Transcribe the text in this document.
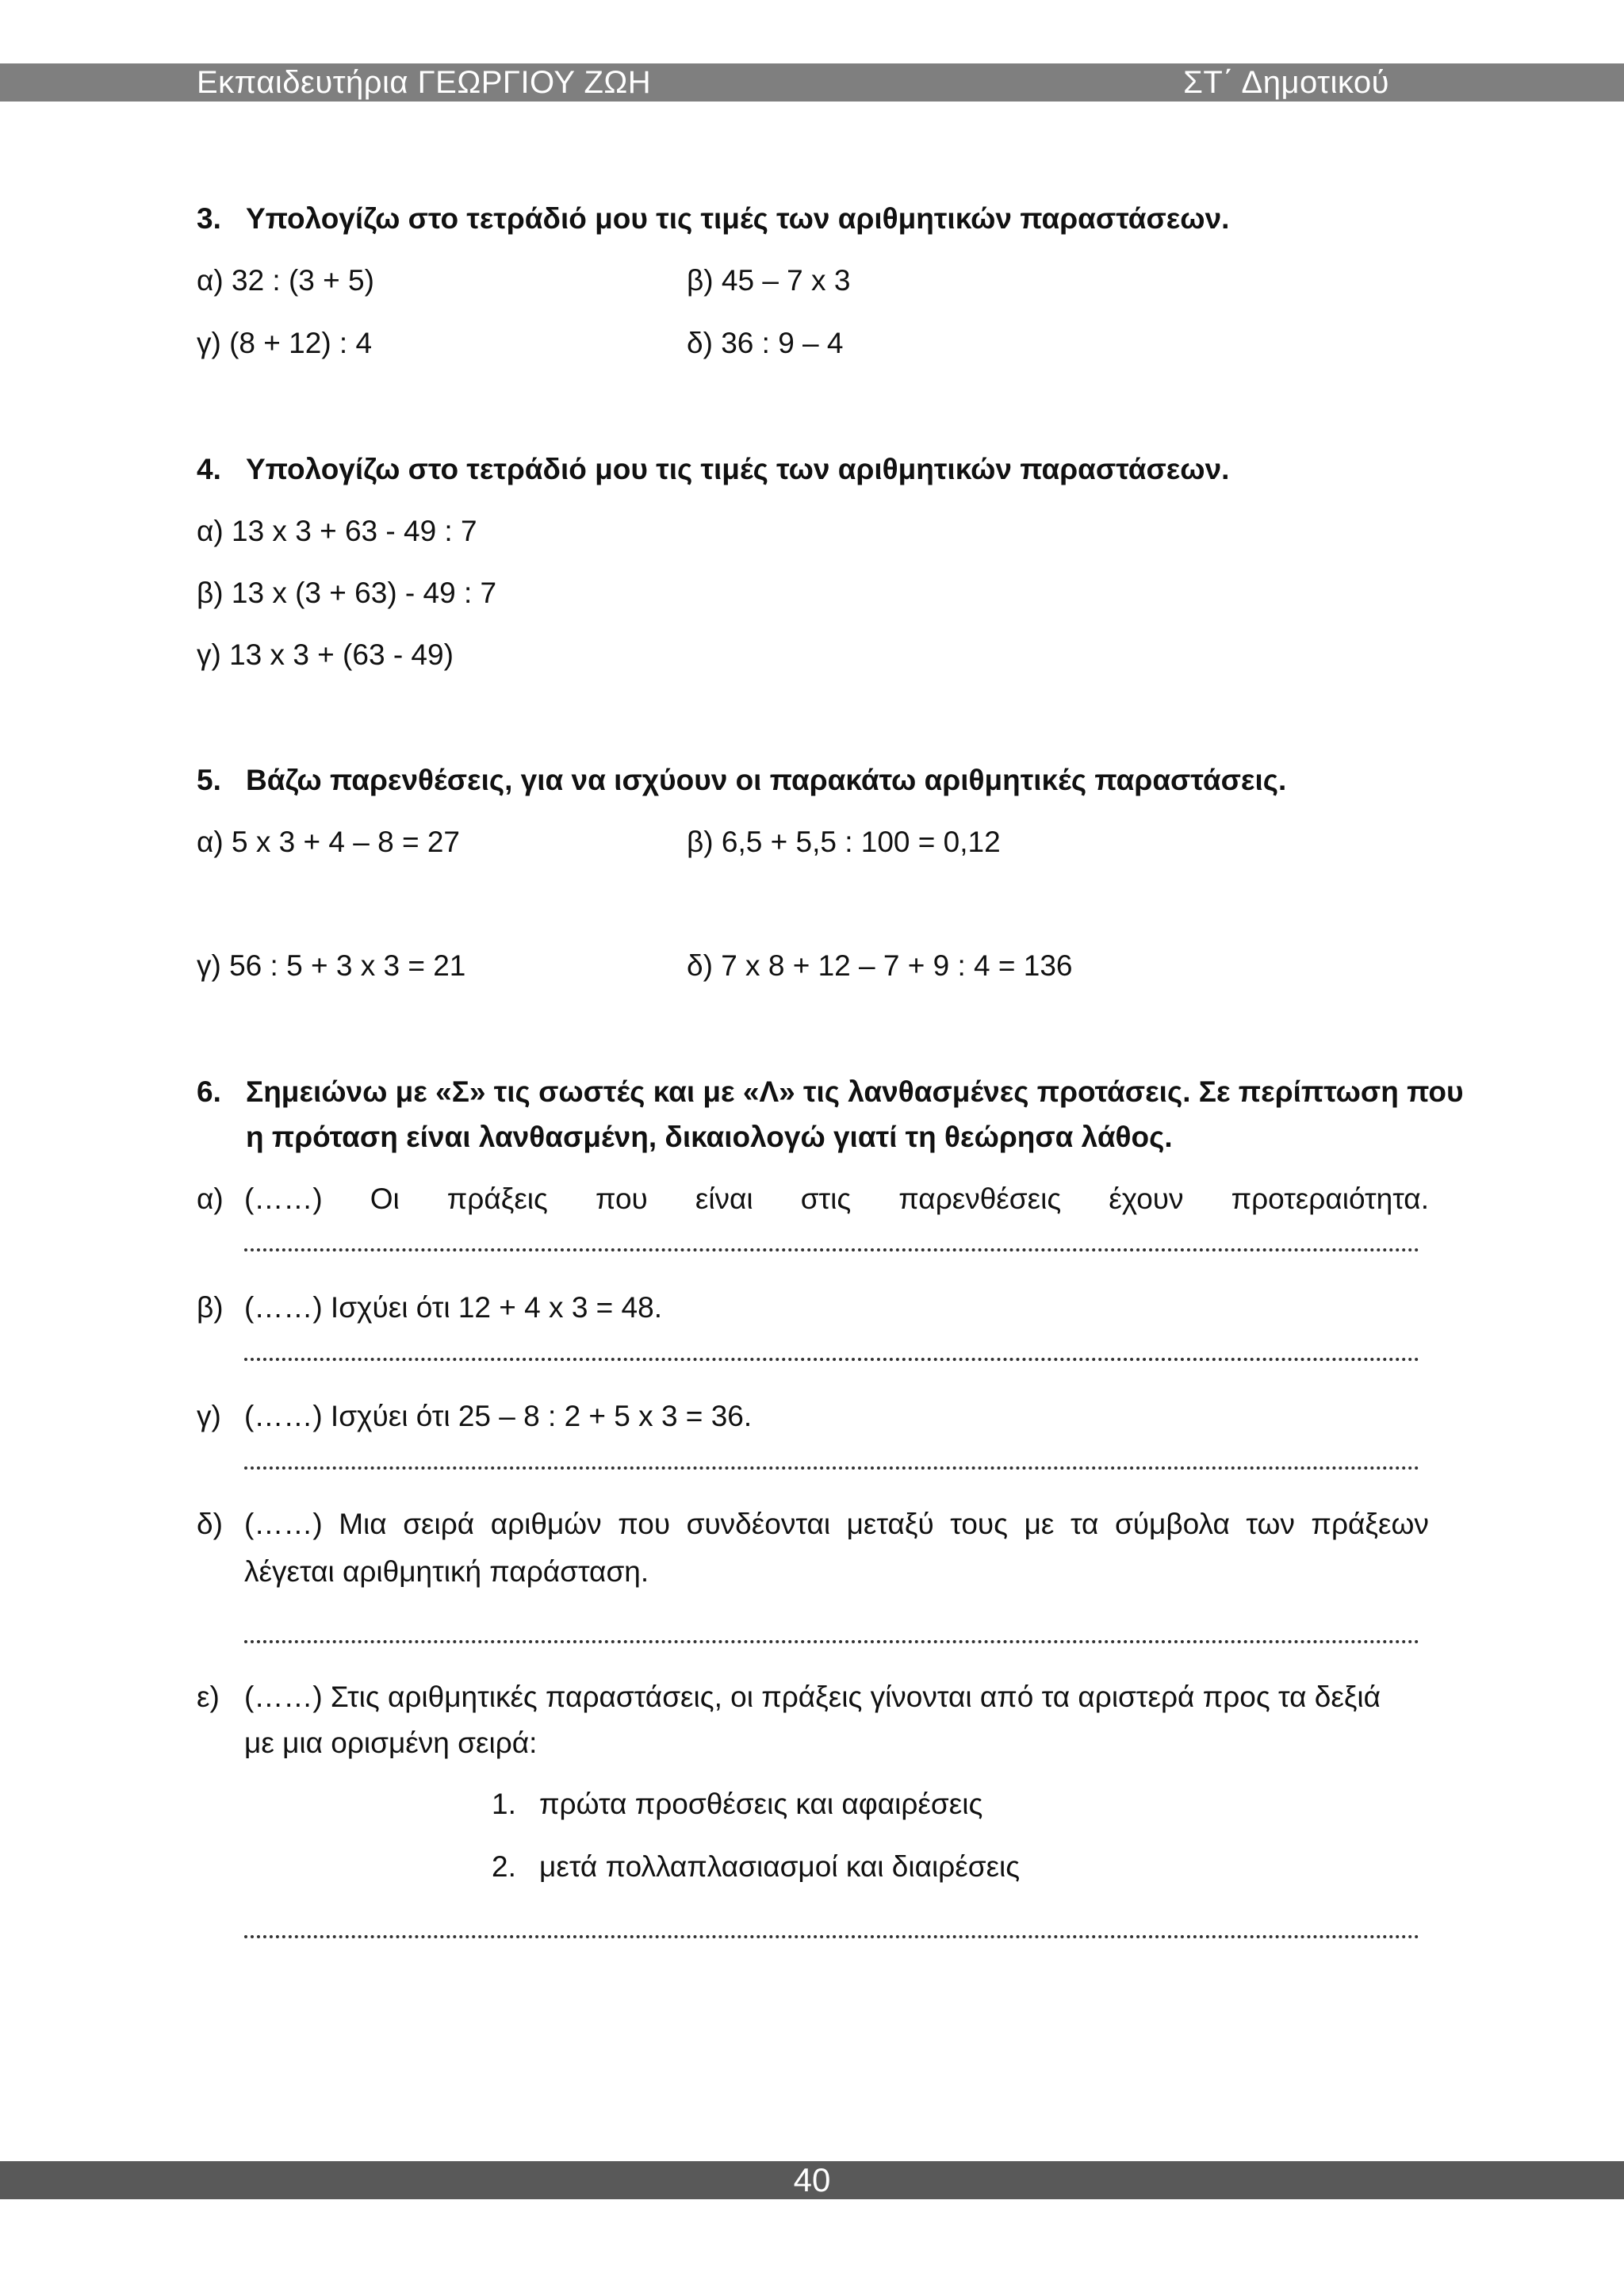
Εκπαιδευτήρια ΓΕΩΡΓΙΟΥ ΖΩΗ	ΣΤ΄ Δημοτικού
3. Υπολογίζω στο τετράδιό μου τις τιμές των αριθμητικών παραστάσεων.
α) 32 : (3 + 5)	β) 45 – 7 x 3
γ) (8 + 12) : 4	δ) 36 : 9 – 4
4. Υπολογίζω στο τετράδιό μου τις τιμές των αριθμητικών παραστάσεων.
α) 13 x 3 + 63 - 49 : 7
β) 13 x (3 + 63) - 49 : 7
γ) 13 x 3 + (63 - 49)
5. Βάζω παρενθέσεις, για να ισχύουν οι παρακάτω αριθμητικές παραστάσεις.
α) 5 x 3 + 4 – 8 = 27	β) 6,5 + 5,5 : 100 = 0,12
γ) 56 : 5 + 3 x 3 = 21	δ) 7 x 8 + 12 – 7 + 9 : 4 = 136
6. Σημειώνω με «Σ» τις σωστές και με «Λ» τις λανθασμένες προτάσεις. Σε περίπτωση που
η πρόταση είναι λανθασμένη, δικαιολογώ γιατί τη θεώρησα λάθος.
α) (……) Οι πράξεις που είναι στις παρενθέσεις έχουν προτεραιότητα.
β) (……) Ισχύει ότι 12 + 4 x 3 = 48.
γ) (……) Ισχύει ότι 25 – 8 : 2 + 5 x 3 = 36.
δ) (……) Μια σειρά αριθμών που συνδέονται μεταξύ τους με τα σύμβολα των πράξεων
λέγεται αριθμητική παράσταση.
ε) (……) Στις αριθμητικές παραστάσεις, οι πράξεις γίνονται από τα αριστερά προς τα δεξιά
με μια ορισμένη σειρά:
1. πρώτα προσθέσεις και αφαιρέσεις
2. μετά πολλαπλασιασμοί και διαιρέσεις
40
